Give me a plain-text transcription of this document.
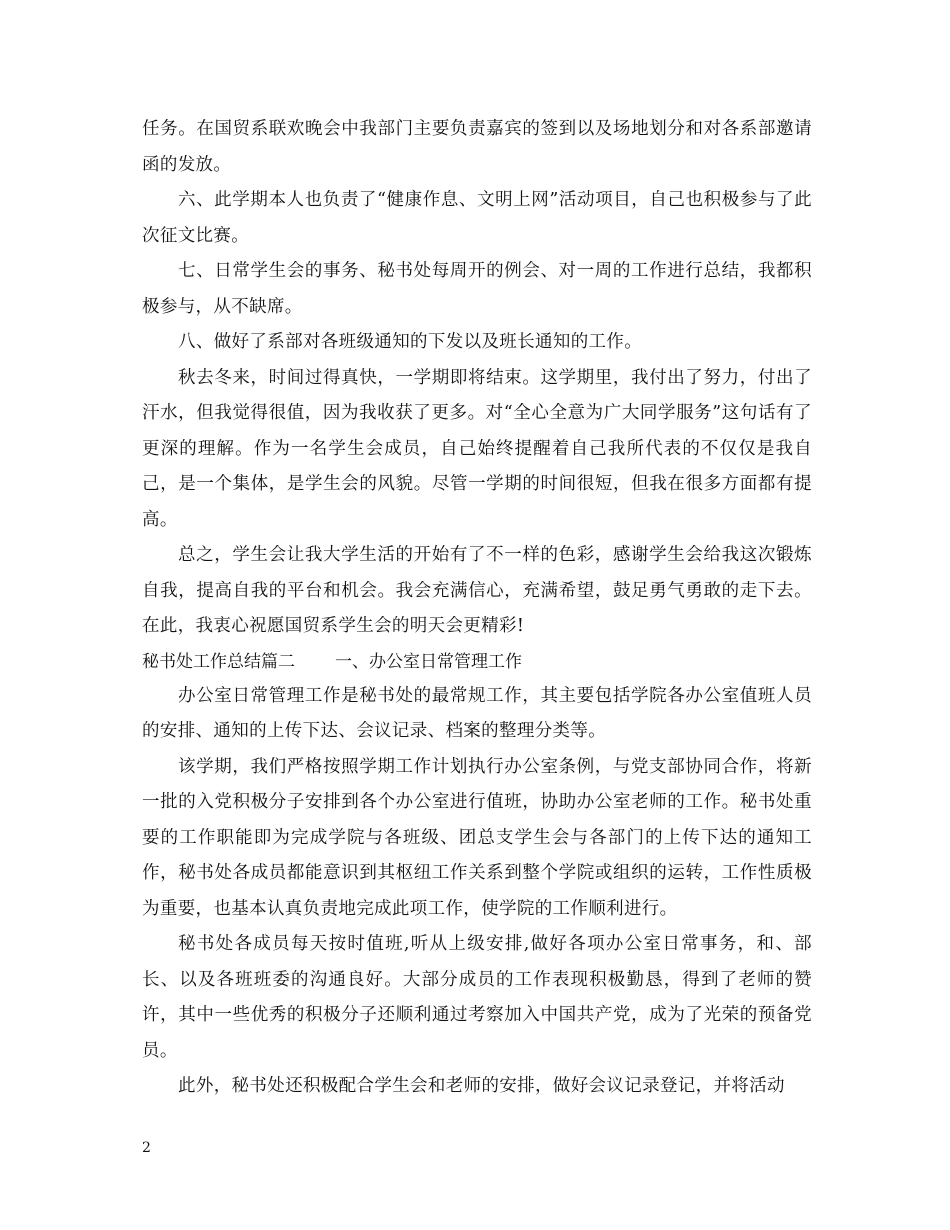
任务。在国贸系联欢晚会中我部门主要负责嘉宾的签到以及场地划分和对各系部邀请函的发放。

六、此学期本人也负责了“健康作息、文明上网”活动项目，自己也积极参与了此次征文比赛。

七、日常学生会的事务、秘书处每周开的例会、对一周的工作进行总结，我都积极参与，从不缺席。

八、做好了系部对各班级通知的下发以及班长通知的工作。

秋去冬来，时间过得真快，一学期即将结束。这学期里，我付出了努力，付出了汗水，但我觉得很值，因为我收获了更多。对“全心全意为广大同学服务”这句话有了更深的理解。作为一名学生会成员，自己始终提醒着自己我所代表的不仅仅是我自己，是一个集体，是学生会的风貌。尽管一学期的时间很短，但我在很多方面都有提高。

总之，学生会让我大学生活的开始有了不一样的色彩，感谢学生会给我这次锻炼自我，提高自我的平台和机会。我会充满信心，充满希望，鼓足勇气勇敢的走下去。在此，我衷心祝愿国贸系学生会的明天会更精彩!

秘书处工作总结篇二 一、办公室日常管理工作

办公室日常管理工作是秘书处的最常规工作，其主要包括学院各办公室值班人员的安排、通知的上传下达、会议记录、档案的整理分类等。

该学期，我们严格按照学期工作计划执行办公室条例，与党支部协同合作，将新一批的入党积极分子安排到各个办公室进行值班，协助办公室老师的工作。秘书处重要的工作职能即为完成学院与各班级、团总支学生会与各部门的上传下达的通知工作，秘书处各成员都能意识到其枢纽工作关系到整个学院或组织的运转，工作性质极为重要，也基本认真负责地完成此项工作，使学院的工作顺利进行。

秘书处各成员每天按时值班,听从上级安排,做好各项办公室日常事务，和、部长、以及各班班委的沟通良好。大部分成员的工作表现积极勤恳，得到了老师的赞许，其中一些优秀的积极分子还顺利通过考察加入中国共产党，成为了光荣的预备党员。

此外，秘书处还积极配合学生会和老师的安排，做好会议记录登记，并将活动

2
